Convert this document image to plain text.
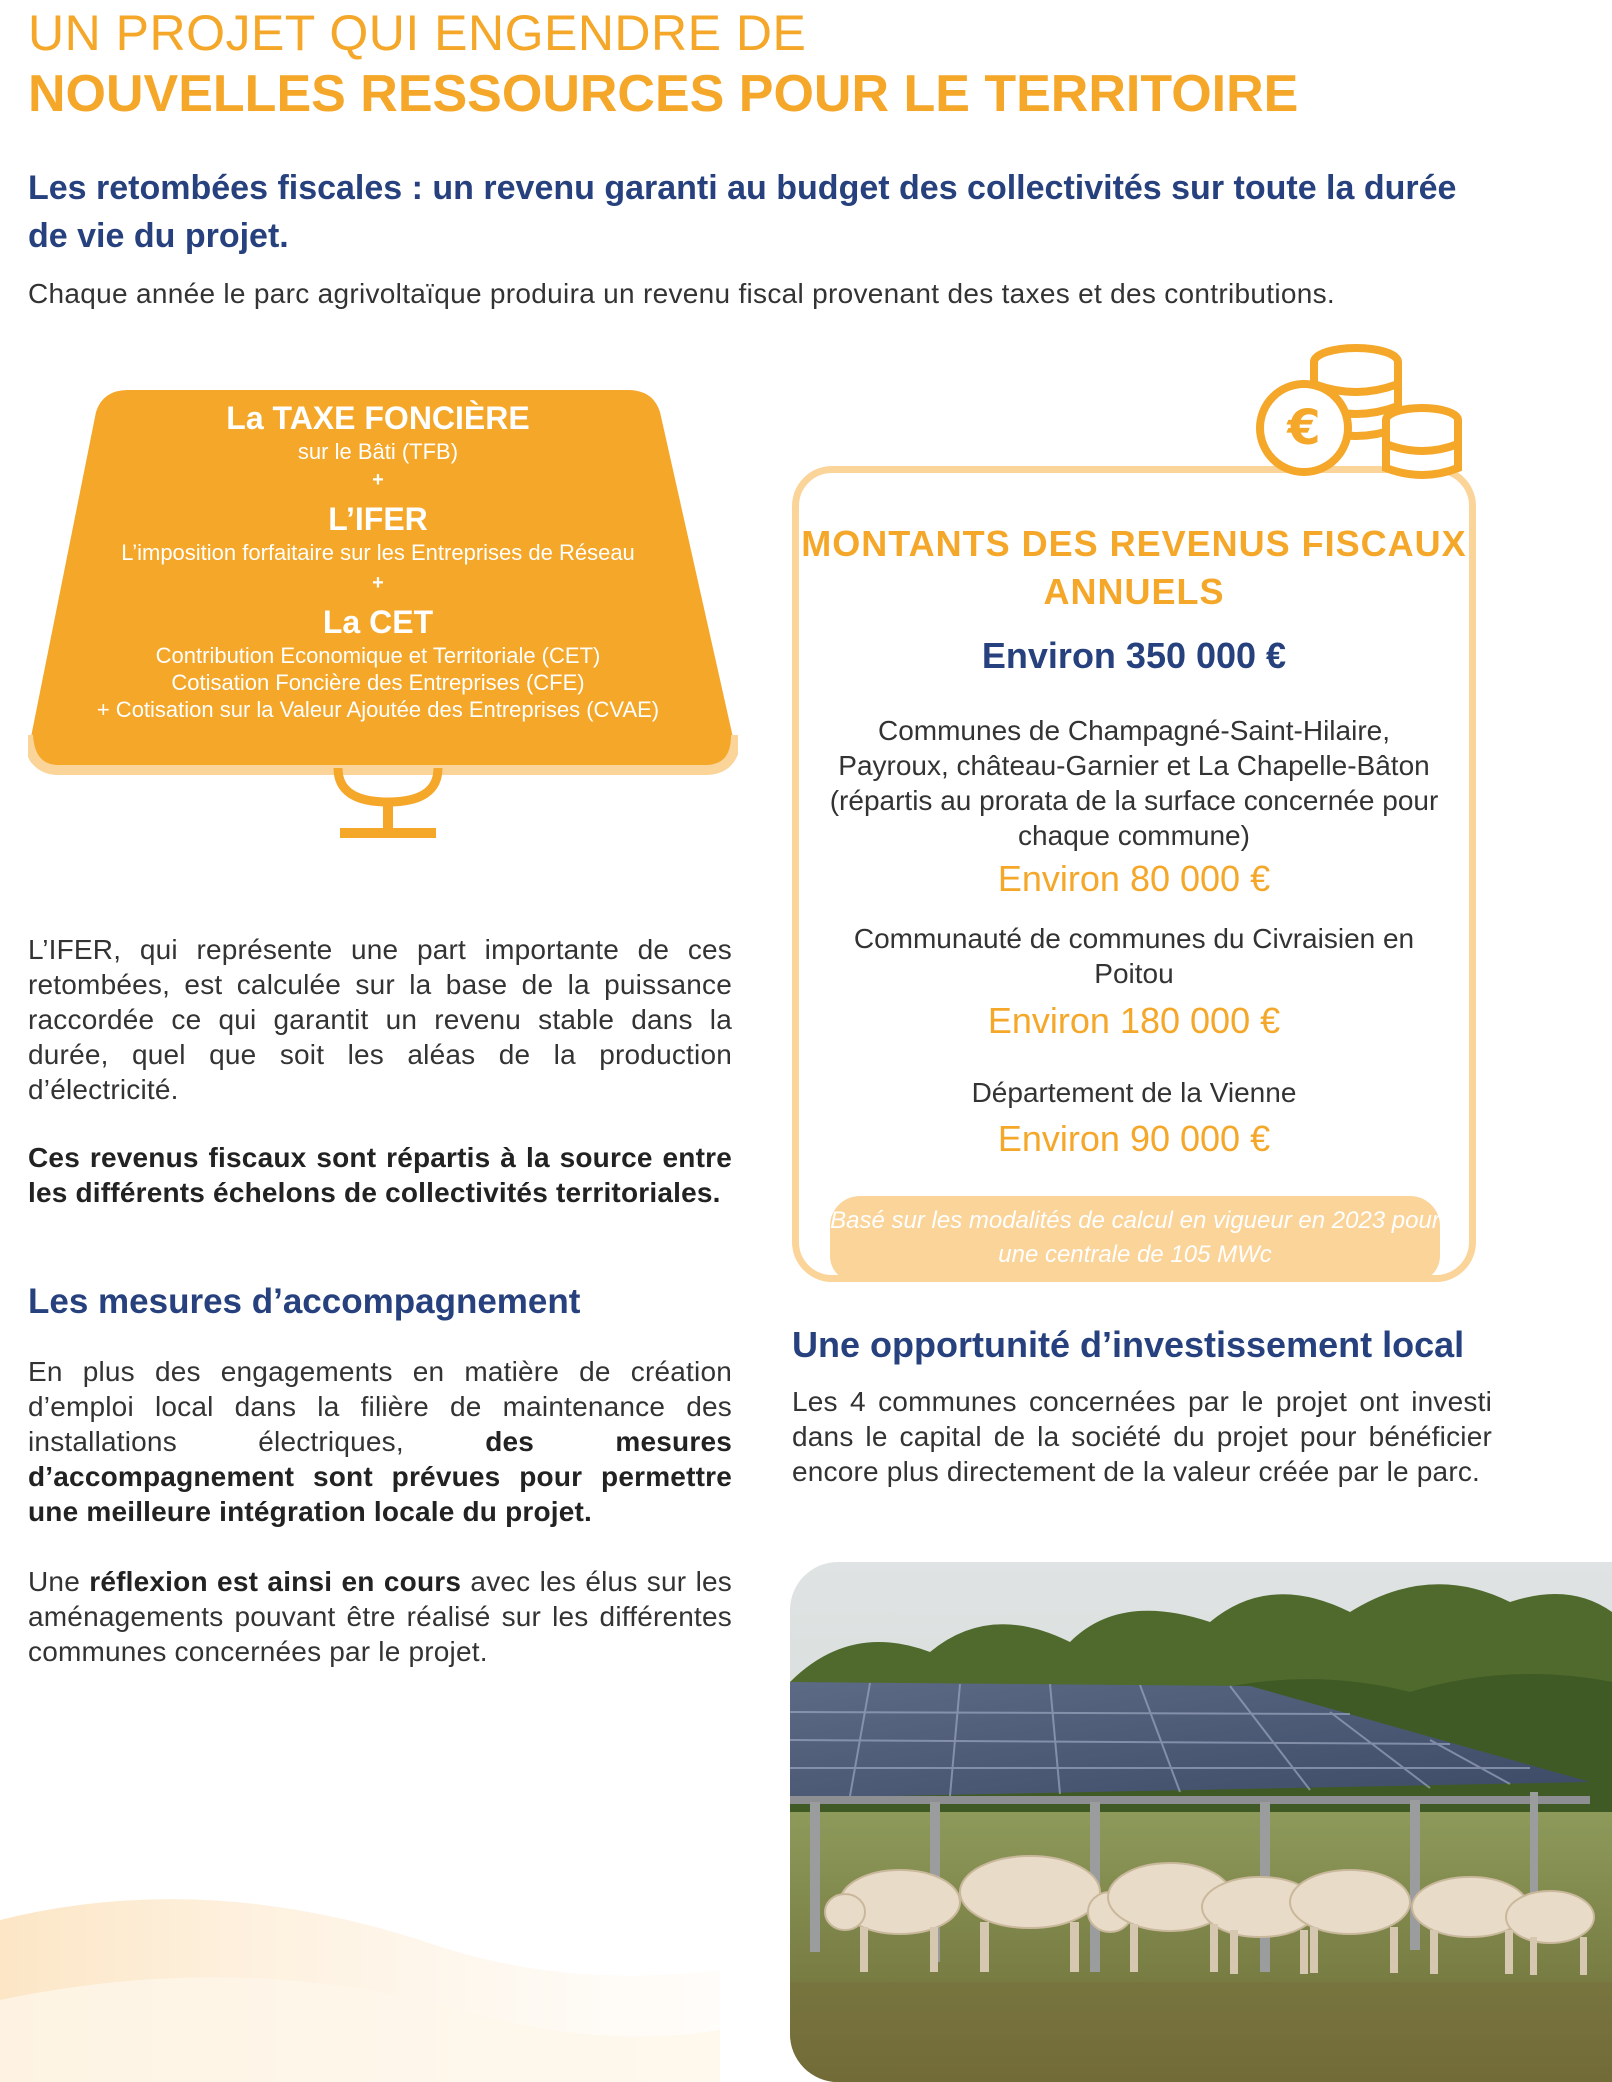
UN PROJET QUI ENGENDRE DE
NOUVELLES RESSOURCES POUR LE TERRITOIRE
Les retombées fiscales : un revenu garanti au budget des collectivités sur toute la durée de vie du projet.
Chaque année le parc agrivoltaïque produira un revenu fiscal provenant des taxes et des contributions.
La TAXE FONCIÈRE
sur le Bâti (TFB)
+
L’IFER
L’imposition forfaitaire sur les Entreprises de Réseau
+
La CET
Contribution Economique et Territoriale (CET)
Cotisation Foncière des Entreprises (CFE)
+ Cotisation sur la Valeur Ajoutée des Entreprises (CVAE)
L’IFER, qui représente une part importante de ces retombées, est calculée sur la base de la puissance raccordée ce qui garantit un revenu stable dans la durée, quel que soit les aléas de la production d’électricité.
Ces revenus fiscaux sont répartis à la source entre les différents échelons de collectivités territoriales.
Les mesures d’accompagnement
En plus des engagements en matière de création d’emploi local dans la filière de maintenance des installations électriques, des mesures d’accompagnement sont prévues pour permettre une meilleure intégration locale du projet.
Une réflexion est ainsi en cours avec les élus sur les aménagements pouvant être réalisé sur les différentes communes concernées par le projet.
€
MONTANTS DES REVENUS FISCAUX ANNUELS
Environ 350 000 €
Communes de Champagné-Saint-Hilaire, Payroux, château-Garnier et La Chapelle-Bâton (répartis au prorata de la surface concernée pour chaque commune)
Environ 80 000 €
Communauté de communes du Civraisien en Poitou
Environ 180 000 €
Département de la Vienne
Environ 90 000 €
Basé sur les modalités de calcul en vigueur en 2023 pour une centrale de 105 MWc
Une opportunité d’investissement local
Les 4 communes concernées par le projet ont investi dans le capital de la société du projet pour bénéficier encore plus directement de la valeur créée par le parc.
